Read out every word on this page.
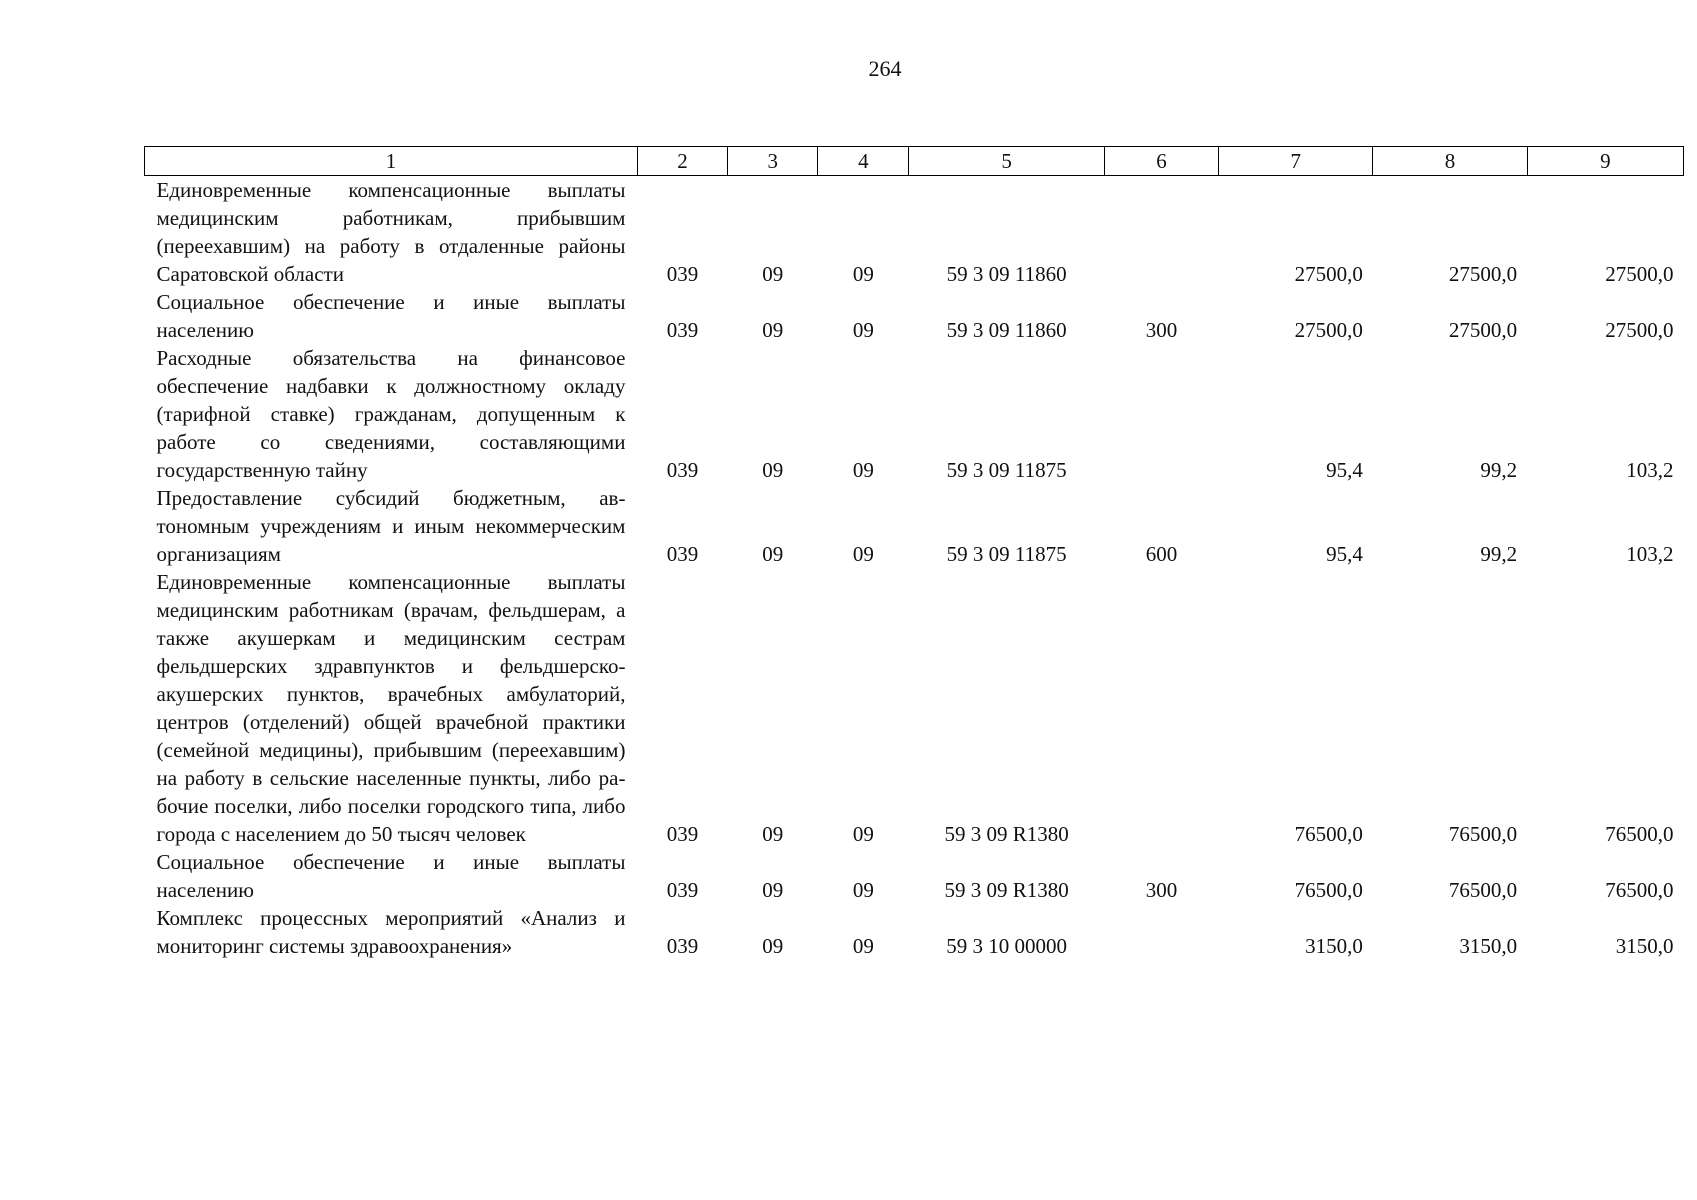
264
1	2	3	4	5	6	7	8	9
Единовременные компенсационные выплаты медицинским работникам, прибывшим (переехавшим) на работу в отдаленные районы Саратовской области	039	09	09	59 3 09 11860		27500,0	27500,0	27500,0
Социальное обеспечение и иные выплаты населению	039	09	09	59 3 09 11860	300	27500,0	27500,0	27500,0
Расходные обязательства на финансовое обеспечение надбавки к должностному окладу (тарифной ставке) гражданам, допущенным к работе со сведениями, составляющими государственную тайну	039	09	09	59 3 09 11875		95,4	99,2	103,2
Предоставление субсидий бюджетным, автономным учреждениям и иным некоммерческим организациям	039	09	09	59 3 09 11875	600	95,4	99,2	103,2
Единовременные компенсационные выплаты медицинским работникам (врачам, фельдшерам, а также акушеркам и медицинским сестрам фельдшерских здравпунктов и фельдшерско-акушерских пунктов, врачебных амбулаторий, центров (отделений) общей врачебной практики (семейной медицины), прибывшим (переехавшим) на работу в сельские населенные пункты, либо рабочие поселки, либо поселки городского типа, либо города с населением до 50 тысяч человек	039	09	09	59 3 09 R1380		76500,0	76500,0	76500,0
Социальное обеспечение и иные выплаты населению	039	09	09	59 3 09 R1380	300	76500,0	76500,0	76500,0
Комплекс процессных мероприятий «Анализ и мониторинг системы здравоохранения»	039	09	09	59 3 10 00000		3150,0	3150,0	3150,0
